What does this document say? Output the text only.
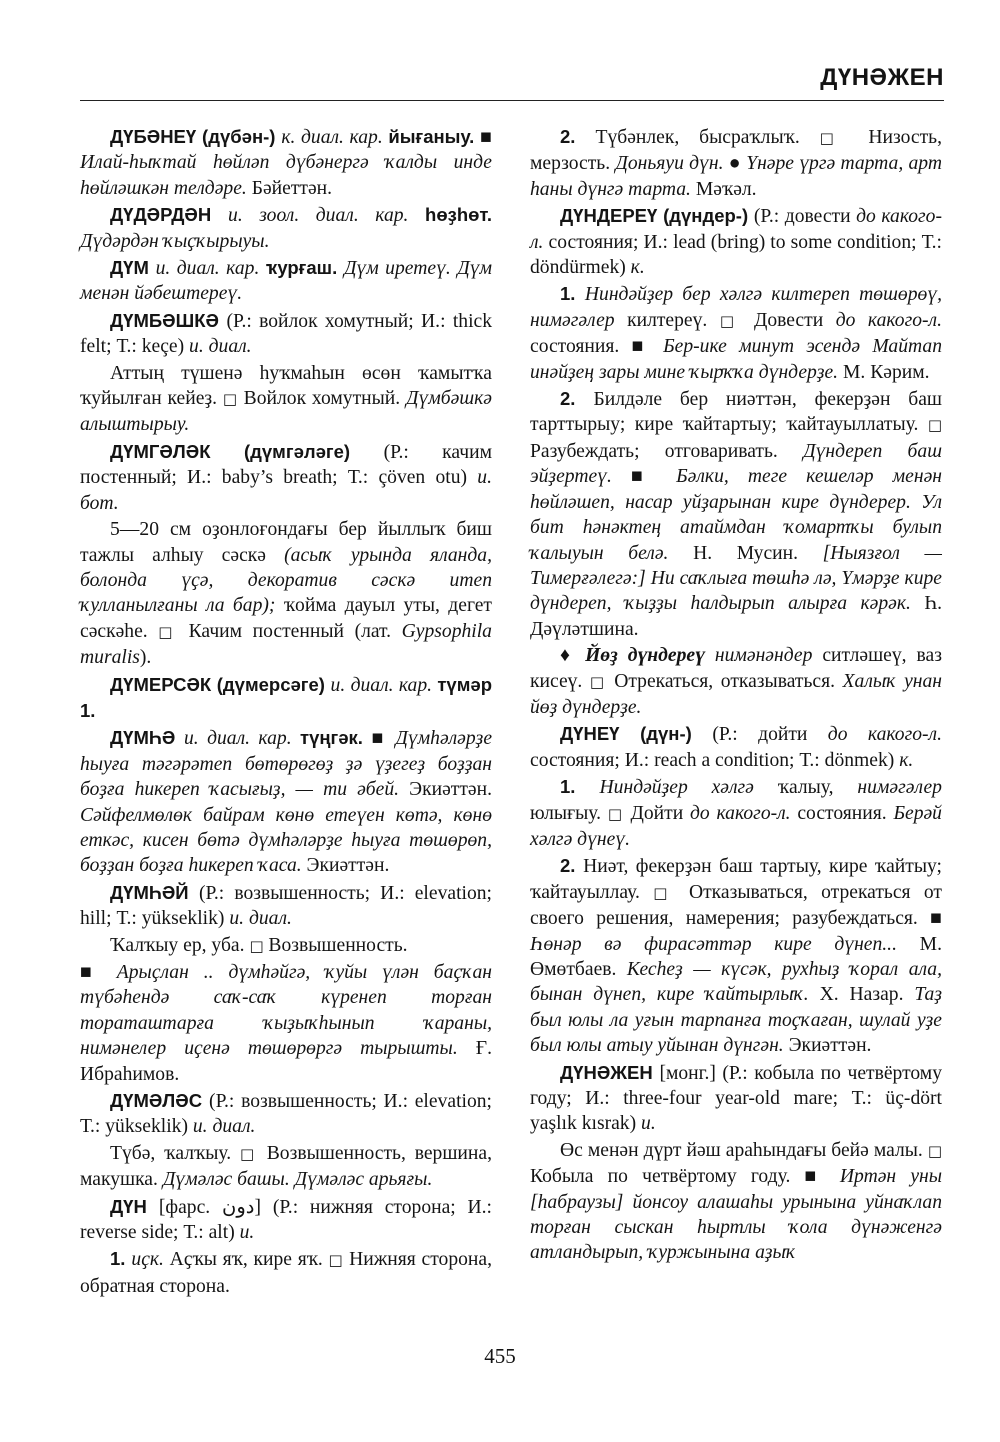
ДҮНӘЖЕН

ДҮБӘНЕҮ (дүбән-) к. диал. кар. йығаныу. ■ Илай-һыҡтай һөйләп дүбәнергә ҡалды инде һөйләшкән телдәре. Бәйеттән.

ДҮДӘРДӘН и. зоол. диал. кар. һөҙһөт. Дүдәрдән ҡыҫҡырыуы.

ДҮМ и. диал. кар. ҡурғаш. Дүм иретеү. Дүм менән йәбештереү.

ДҮМБӘШКӘ (Р.: войлок хомутный; И.: thick felt; Т.: keçe) и. диал.

Аттың түшенә һуҡмаһын өсөн ҡамытҡа ҡуйылған кейеҙ. □ Войлок хомутный. Дүмбәшкә алыштырыу.

ДҮМГӘЛӘК (дүмгәләге) (Р.: качим постенный; И.: baby’s breath; Т.: çöven otu) и. бот.

5—20 см оҙонлоғондағы бер йыллыҡ биш тажлы алһыу сәскә (асыҡ урында яланда, болонда үҫә, декоратив сәскә итеп ҡулланылғаны ла бар); ҡойма дауыл уты, дегет сәскәһе. □ Качим постенный (лат. Gypsophila muralis).

ДҮМЕРСӘК (дүмерсәге) и. диал. кар. түмәр 1.

ДҮМҺӘ и. диал. кар. түңгәк. ■ Дүмһәләрҙе һыуға тәгәрәтеп бөтөрөгөҙ ҙә үҙегеҙ боҙҙан боҙға һикереп ҡасығыҙ, — ти әбей. Экиәттән. Сәйфелмөлөк байрам көнө етеүен көтә, көнө еткәс, кисен бөтә дүмһәләрҙе һыуға төшөрөп, боҙҙан боҙға һикереп ҡаса. Экиәттән.

ДҮМҺӘЙ (Р.: возвышенность; И.: elevation; hill; Т.: yükseklik) и. диал.

Ҡалҡыу ер, уба. □ Возвышенность.

■ Арыҫлан .. дүмһәйгә, ҡуйы үлән баҫҡан түбәһендә саҡ-саҡ күренеп торған тораташтарға ҡыҙыҡһынып ҡараны, нимәнелер иҫенә төшөрөргә тырышты. Ғ. Ибраһимов.

ДҮМӘЛӘС (Р.: возвышенность; И.: elevation; Т.: yükseklik) и. диал.

Түбә, ҡалҡыу. □ Возвышенность, вершина, макушка. Дүмәләс башы. Дүмәләс арьяғы.

ДҮН [фарс. دون] (Р.: нижняя сторона; И.: reverse side; Т.: alt) и.

1. иҫк. Аҫҡы яҡ, кире яҡ. □ Нижняя сторона, обратная сторона.

2. Түбәнлек, бысраҡлыҡ. □ Низость, мерзость. Доньяуи дүн. ● Үнәре үргә тарта, арт һаны дүнгә тарта. Мәҡәл.

ДҮНДЕРЕҮ (дүндер-) (Р.: довести до какого-л. состояния; И.: lead (bring) to some condition; Т.: döndürmek) к.

1. Ниндәйҙер бер хәлгә килтереп төшөрөү, нимәгәлер килтереү. □ Довести до какого-л. состояния. ■ Бер-ике минут эсендә Майтап инәйҙең зары мине ҡырҡҡа дүндерҙе. М. Кәрим.

2. Билдәле бер ниәттән, фекерҙән баш тарттырыу; кире ҡайтартыу; ҡайтауыллатыу. □ Разубеждать; отговаривать. Дүндереп баш эйҙертеү. ■ Бәлки, теге кешеләр менән һөйләшеп, насар уйҙарынан кире дүндерер. Ул бит һәнәктең атаймдан ҡомартҡы булып ҡалыуын белә. Н. Мусин. [Ныязғол — Тимерғәлегә:] Ни саҡлыға төшһә лә, Үмәрҙе кире дүндереп, ҡыҙҙы һалдырып алырға кәрәк. Һ. Дәүләтшина.

♦ Йөҙ дүндереү нимәнәндер ситләшеү, ваз кисеү. □ Отрекаться, отказываться. Халыҡ унан йөҙ дүндерҙе.

ДҮНЕҮ (дүн-) (Р.: дойти до какого-л. состояния; И.: reach a condition; Т.: dönmek) к.

1. Ниндәйҙер хәлгә ҡалыу, нимәгәлер юлығыу. □ Дойти до какого-л. состояния. Берәй хәлгә дүнеү.

2. Ниәт, фекерҙән баш тартыу, кире ҡайтыу; ҡайтауыллау. □ Отказываться, отрекаться от своего решения, намерения; разубеждаться. ■ Һөнәр вә фирасәттәр кире дүнеп... М. Өмөтбаев. Кесһеҙ — күсәк, рухһыҙ ҡорал ала, бынан дүнеп, кире ҡайтырлыҡ. Х. Назар. Таҙ был юлы ла уғын тарпанға тоҫҡаған, шулай уҙе был юлы атыу уйынан дүнгән. Экиәттән.

ДҮНӘЖЕН [монг.] (Р.: кобыла по четвёртому году; И.: three-four year-old mare; Т.: üç-dört yaşlık kısrak) и.

Өс менән дүрт йәш араһындағы бейә малы. □ Кобыла по четвёртому году. ■ Иртән уны [һабраузы] йонсоу алашаһы урынына уйнаҡлап торған сыскан һыртлы ҡола дүнәженгә атландырып, ҡуржынына аҙыҡ

455
